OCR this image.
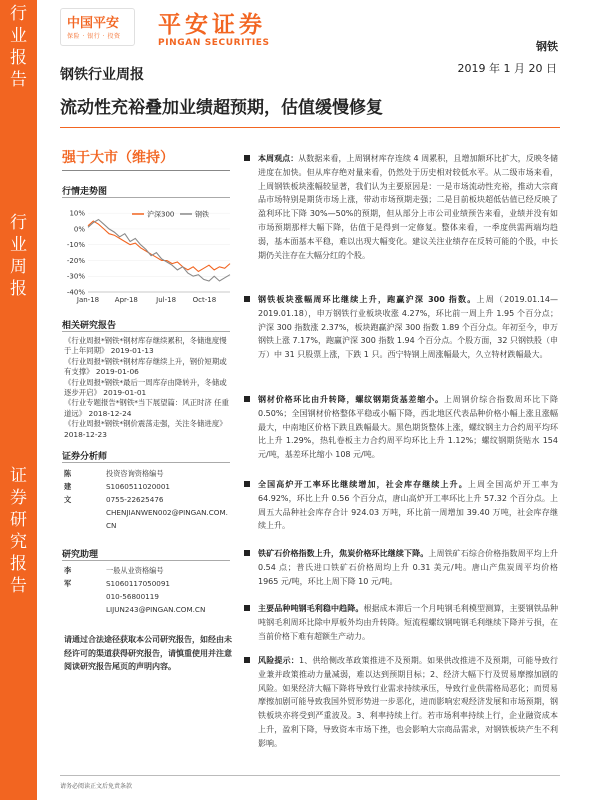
行
业
报
告
行
业
周
报
证
券
研
究
报
告
中国平安
保险 · 银行 · 投资 平安证券
PINGAN SECURITIES	钢铁
钢铁行业周报	2019 年 1 月 20 日
流动性充裕叠加业绩超预期，估值缓慢修复
强于大市（维持）
行情走势图
10%
0%
-10%
-20%
-30%
-40%
Jan-18 Apr-18	Jul-18 Oct-18
沪深300	钢铁
相关研究报告
《行业周报*钢铁*钢材库存继续累积，冬储進度慢于上年同期》 2019-01-13
《行业周报*钢铁*钢材库存继续上升，钢价短期或有支撑》 2019-01-06
《行业周报*钢铁*最后一周库存由降转升，冬储或逐步开启》 2019-01-01
《行业专题报告*钢铁*当下展望篇：风正时济 任重道远》 2018-12-24
《行业周报*钢铁*钢价震荡走强，关注冬储进度》 2018-12-23
证券分析师
陈建文
投资咨询资格编号
S1060511020001
0755-22625476
CHENJIANWEN002@PINGAN.COM.
CN
研究助理
李军
一般从业资格编号
S1060117050091
010-56800119
LIJUN243@PINGAN.COM.CN
请通过合法途径获取本公司研究报告，如经由未经许可的渠道获得研究报告，请慎重使用并注意阅读研究报告尾页的声明内容。
本周观点：从数据来看，上周钢材库存连续 4 周累积，且增加额环比扩大，反映冬储进度在加快。但从库存绝对量来看，仍然处于历史相对较低水平。从二级市场来看，上周钢铁板块涨幅较显著，我们认为主要原因是：一是市场流动性充裕，推动大宗商品市场特别是期货市场上涨，带动市场预期走强；二是目前板块超低估值已经反映了盈利环比下降 30%—50%的预期，但从部分上市公司业绩预告来看，业绩并没有如市场预期那样大幅下降，估值于是得到一定修复。整体来看，一季度供需两端均趋弱，基本面基本平稳，难以出现大幅变化。建议关注业绩存在反转可能的个股，中长期仍关注存在大幅分红的个股。
钢铁板块涨幅周环比继续上升，跑赢沪深 300 指数。上周（2019.01.14—2019.01.18），申万钢铁行业板块收涨 4.27%，环比前一周上升 1.95 个百分点；沪深 300 指数涨 2.37%，板块跑赢沪深 300 指数 1.89 个百分点。年初至今，申万钢铁上涨 7.17%，跑赢沪深 300 指数 1.94 个百分点。个股方面，32 只钢铁股（申万）中 31 只股票上涨，下跌 1 只。西宁特钢上周涨幅最大，久立特材跌幅最大。
钢材价格环比由升转降，螺纹钢期货基差缩小。上周钢价综合指数周环比下降 0.50%；全国钢材价格整体平稳或小幅下降，西北地区代表品种价格小幅上涨且涨幅最大，中南地区价格下跌且跌幅最大。黑色期货整体上涨，螺纹钢主力合约周平均环比上升 1.29%，热轧卷板主力合约周平均环比上升 1.12%；螺纹钢期货贴水 154 元/吨，基差环比缩小 108 元/吨。
全国高炉开工率环比继续增加，社会库存继续上升。上周全国高炉开工率为 64.92%，环比上升 0.56 个百分点，唐山高炉开工率环比上升 57.32 个百分点。上周五大品种社会库存合计 924.03 万吨，环比前一周增加 39.40 万吨，社会库存继续上升。
铁矿石价格指数上升，焦炭价格环比继续下降。上周铁矿石综合价格指数周平均上升 0.54 点；普氏进口铁矿石价格周均上升 0.31 美元/吨。唐山产焦炭周平均价格 1965 元/吨，环比上周下降 10 元/吨。
主要品种吨钢毛利稳中趋降。根据成本滞后一个月吨钢毛利模型测算，主要钢铁品种吨钢毛利周环比除中厚板外均由升转降。短流程螺纹钢吨钢毛利继续下降并亏损，在当前价格下难有超额生产动力。
风险提示：1、供给侧改革政策推进不及预期。如果供改推进不及预期，可能导致行业兼并政策推动力量减弱，难以达到预期目标；2、经济大幅下行及贸易摩擦加剧的风险。如果经济大幅下降将导致行业需求持续承压，导致行业供需格局恶化；而贸易摩擦加剧可能导致我国外贸形势进一步恶化，进而影响宏观经济发展和市场预期，钢铁板块亦将受到严重波及。3、利率持续上行。若市场利率持续上行，企业融资成本上升，盈利下降，导致资本市场下挫，也会影响大宗商品需求，对钢铁板块产生不利影响。
请务必阅读正文后免责条款
